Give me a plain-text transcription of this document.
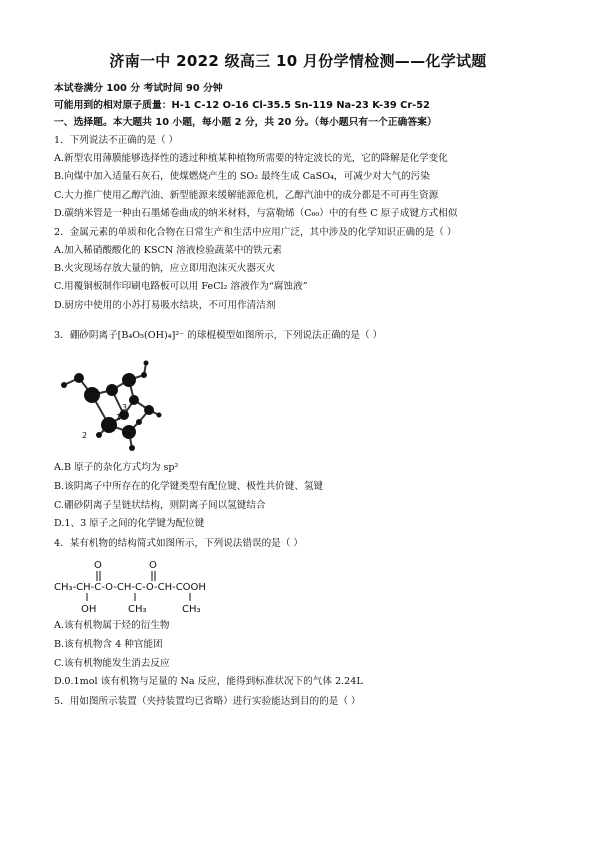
济南一中 2022 级高三 10 月份学情检测——化学试题
本试卷满分 100 分 考试时间 90 分钟
可能用到的相对原子质量：H-1 C-12 O-16 Cl-35.5 Sn-119 Na-23 K-39 Cr-52
一、选择题。本大题共 10 小题，每小题 2 分，共 20 分。（每小题只有一个正确答案）
1．下列说法不正确的是（ ）
A.新型农用薄膜能够选择性的透过种植某种植物所需要的特定波长的光，它的降解是化学变化
B.向煤中加入适量石灰石，使煤燃烧产生的 SO₂ 最终生成 CaSO₄，可减少对大气的污染
C.大力推广使用乙醇汽油、新型能源来缓解能源危机，乙醇汽油中的成分都是不可再生资源
D.碳纳米管是一种由石墨烯卷曲成的纳米材料，与富勒烯（C₆₀）中的有些 C 原子成键方式相似
2．金属元素的单质和化合物在日常生产和生活中应用广泛，其中涉及的化学知识正确的是（ ）
A.加入稀硝酸酸化的 KSCN 溶液检验蔬菜中的铁元素
B.火灾现场存放大量的钠，应立即用泡沫灭火器灭火
C.用覆铜板制作印刷电路板可以用 FeCl₂ 溶液作为“腐蚀液”
D.厨房中使用的小苏打易吸水结块，不可用作清洁剂
3．硼砂阴离子[B₄O₅(OH)₄]²⁻ 的球棍模型如图所示，下列说法正确的是（ ）
1
2
3
A.B 原子的杂化方式均为 sp²
B.该阴离子中所存在的化学键类型有配位键、极性共价键、氢键
C.硼砂阴离子呈链状结构，则阴离子间以氢键结合
D.1、3 原子之间的化学键为配位键
4．某有机物的结构简式如图所示，下列说法错误的是（ ）
CH₃-CH-C-O-CH-C-O-CH-COOH
O	O
OH	CH₃	CH₃
A.该有机物属于烃的衍生物
B.该有机物含 4 种官能团
C.该有机物能发生消去反应
D.0.1mol 该有机物与足量的 Na 反应，能得到标准状况下的气体 2.24L
5．用如图所示装置（夹持装置均已省略）进行实验能达到目的的是（ ）
